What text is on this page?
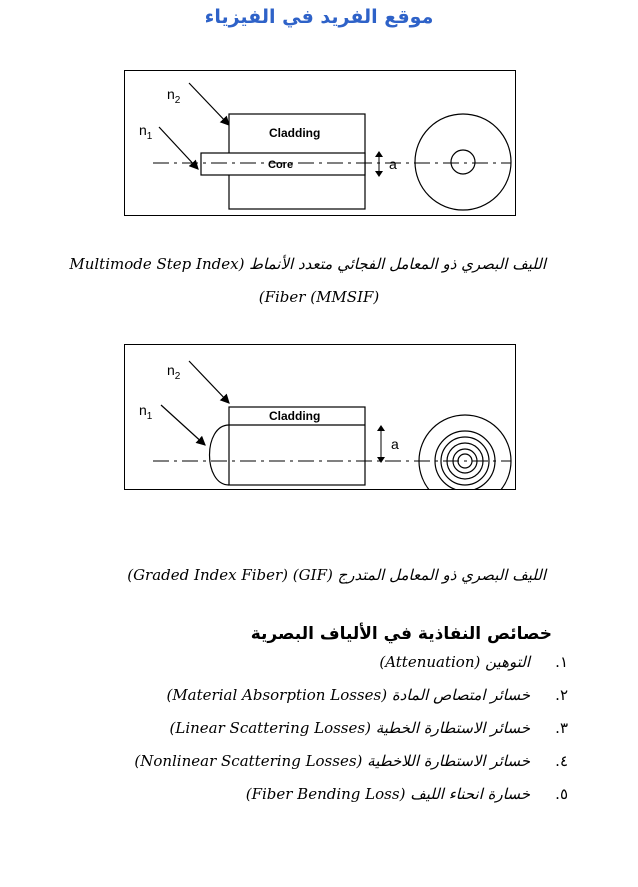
موقع الفريد في الفيزياء
$n_2$
$n_1$	Cladding
Core	a
الليف البصري ذو المعامل الفجائي متعدد الأنماط (Multimode Step Index
(MMSIF) Fiber)
$n_2$
$n_1$	Cladding
a
الليف البصري ذو المعامل المتدرج (GIF) (Graded Index Fiber)
خصائص النفاذية في الألياف البصرية
١.التوهين (Attenuation)
٢.خسائر امتصاص المادة (Material Absorption Losses)
٣.خسائر الاستطارة الخطية (Linear Scattering Losses)
٤.خسائر الاستطارة اللاخطية (Nonlinear Scattering Losses)
٥.خسارة انحناء الليف (Fiber Bending Loss)
